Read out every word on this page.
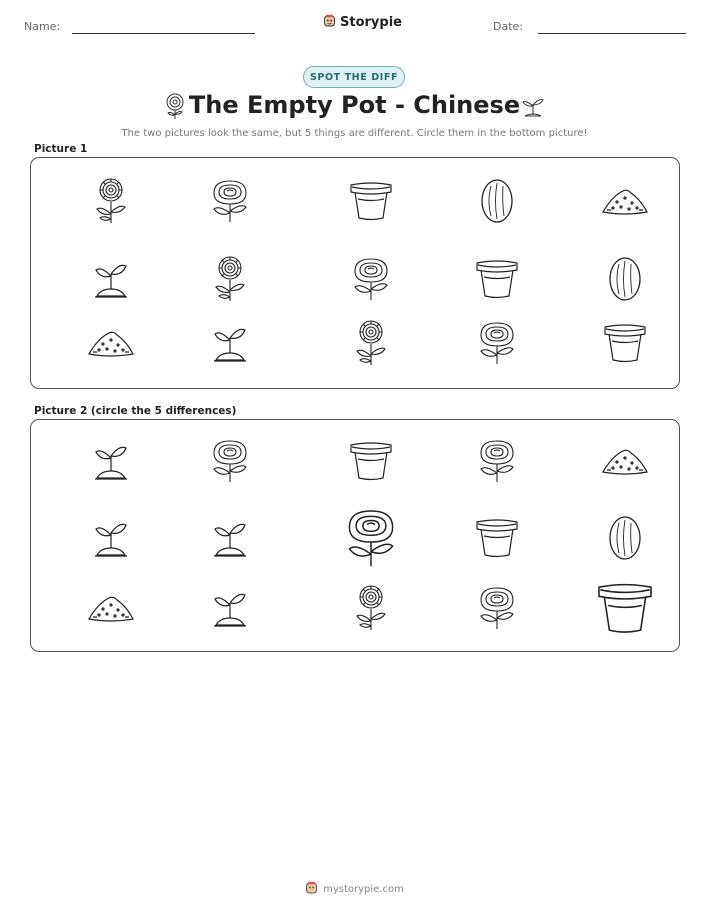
Name:	Storypie	Date:
SPOT THE DIFF
The Empty Pot - Chinese
The two pictures look the same, but 5 things are different. Circle them in the bottom picture!
Picture 1
Picture 2 (circle the 5 differences)
mystorypie.com
